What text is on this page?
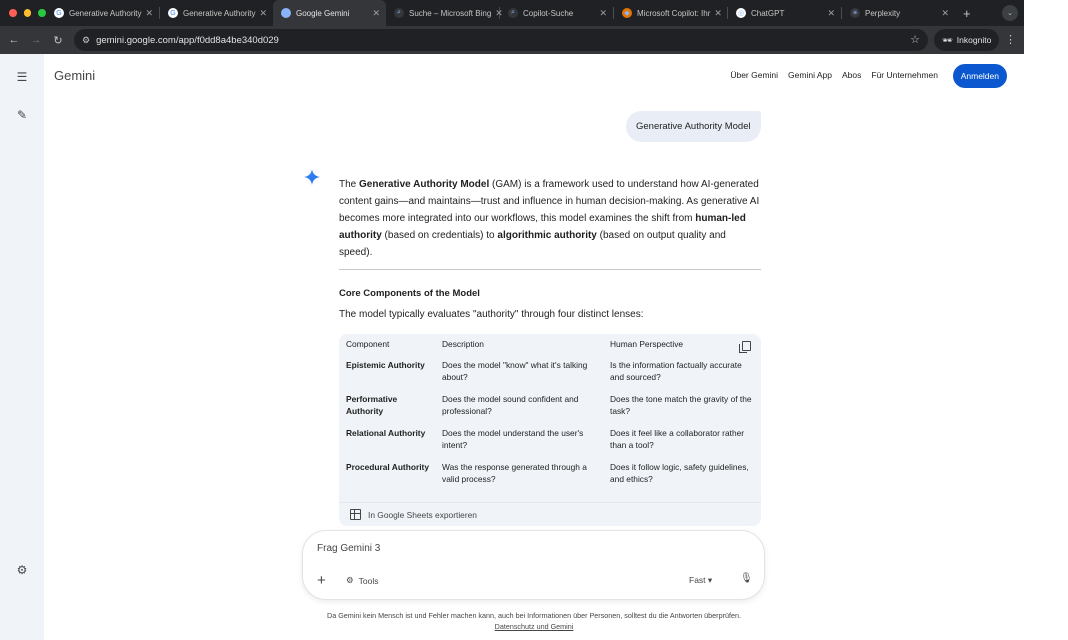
G Generative Authority ✕	G Generative Authority ✕ ✦ Google Gemini	✕	⌕	Suche – Microsoft Bing ✕	⌕	Copilot-Suche	✕	◆ Microsoft Copilot: Ihr ✕ ◎ ChatGPT	✕ ✳ Perplexity	✕ +	⌄
←	→	↻	⚙ gemini.google.com/app/f0dd8a4be340d029	☆	🕶 Inkognito ⋮
☰
✎
⚙
Gemini	Über Gemini Gemini App Abos Für Unternehmen	Anmelden
Generative Authority Model

The Generative Authority Model (GAM) is a framework used to understand how AI-generated content gains—and maintains—trust and influence in human decision-making. As generative AI becomes more integrated into our workflows, this model examines the shift from human-led authority (based on credentials) to algorithmic authority (based on output quality and speed).

Core Components of the Model
The model typically evaluates "authority" through four distinct lenses:
Component	Description	Human Perspective
Epistemic Authority	Does the model "know" what it's talking about?	Is the information factually accurate and sourced?
Performative Authority	Does the model sound confident and professional?	Does the tone match the gravity of the task?
Relational Authority	Does the model understand the user's intent?	Does it feel like a collaborator rather than a tool?
Procedural Authority	Was the response generated through a valid process?	Does it follow logic, safety guidelines, and ethics?
In Google Sheets exportieren
Frag Gemini 3
+ ⚙ Tools	Fast ▾	🎙
Da Gemini kein Mensch ist und Fehler machen kann, auch bei Informationen über Personen, solltest du die Antworten überprüfen.
Datenschutz und Gemini
